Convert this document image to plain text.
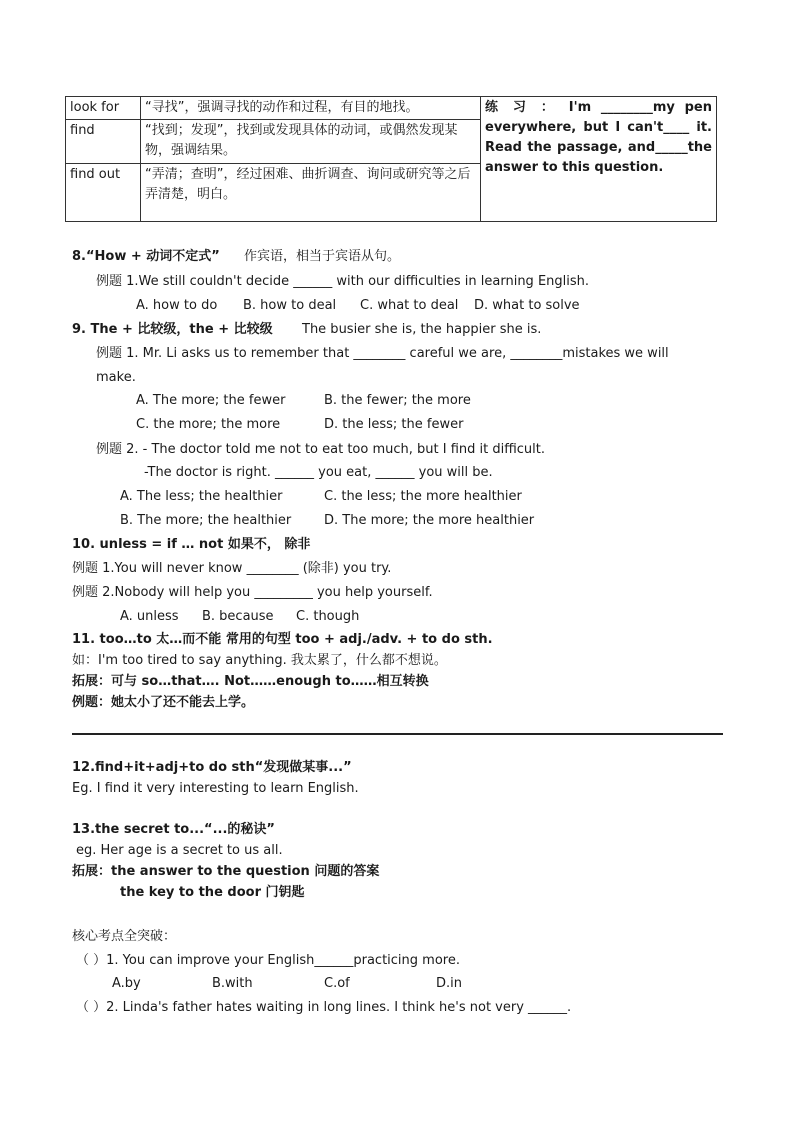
look for	“寻找”，强调寻找的动作和过程，有目的地找。	练 习 ： I'm ________my pen everywhere, but I can't____ it. Read the passage, and_____the answer to this question.
find	“找到；发现”，找到或发现具体的动词，或偶然发现某物，强调结果。	
find out	“弄清；查明”，经过困难、曲折调查、询问或研究等之后弄清楚，明白。	
8.“How + 动词不定式” 作宾语，相当于宾语从句。
例题 1.We still couldn't decide ______ with our difficulties in learning English.
A. how to do B. how to deal C. what to deal D. what to solve
9. The + 比较级，the + 比较级 The busier she is, the happier she is.
例题 1. Mr. Li asks us to remember that ________ careful we are, ________mistakes we will
make.
A. The more; the fewer	B. the fewer; the more
C. the more; the more	D. the less; the fewer
例题 2. - The doctor told me not to eat too much, but I find it difficult.
-The doctor is right. ______ you eat, ______ you will be.
A. The less; the healthier	C. the less; the more healthier
B. The more; the healthier	D. The more; the more healthier
10. unless = if … not 如果不， 除非
例题 1.You will never know ________ (除非) you try.
例题 2.Nobody will help you _________ you help yourself.
A. unless B. because C. though
11. too…to 太…而不能 常用的句型 too + adj./adv. + to do sth.
如：I'm too tired to say anything. 我太累了，什么都不想说。
拓展：可与 so…that…. Not……enough to……相互转换
例题：她太小了还不能去上学。
12.find+it+adj+to do sth“发现做某事...”
Eg. I find it very interesting to learn English.
13.the secret to...“...的秘诀”
eg. Her age is a secret to us all.
拓展：the answer to the question 问题的答案
the key to the door 门钥匙
核心考点全突破：
（ ）1. You can improve your English______practicing more.
A.by	B.with	C.of	D.in
（ ）2. Linda's father hates waiting in long lines. I think he's not very ______.
